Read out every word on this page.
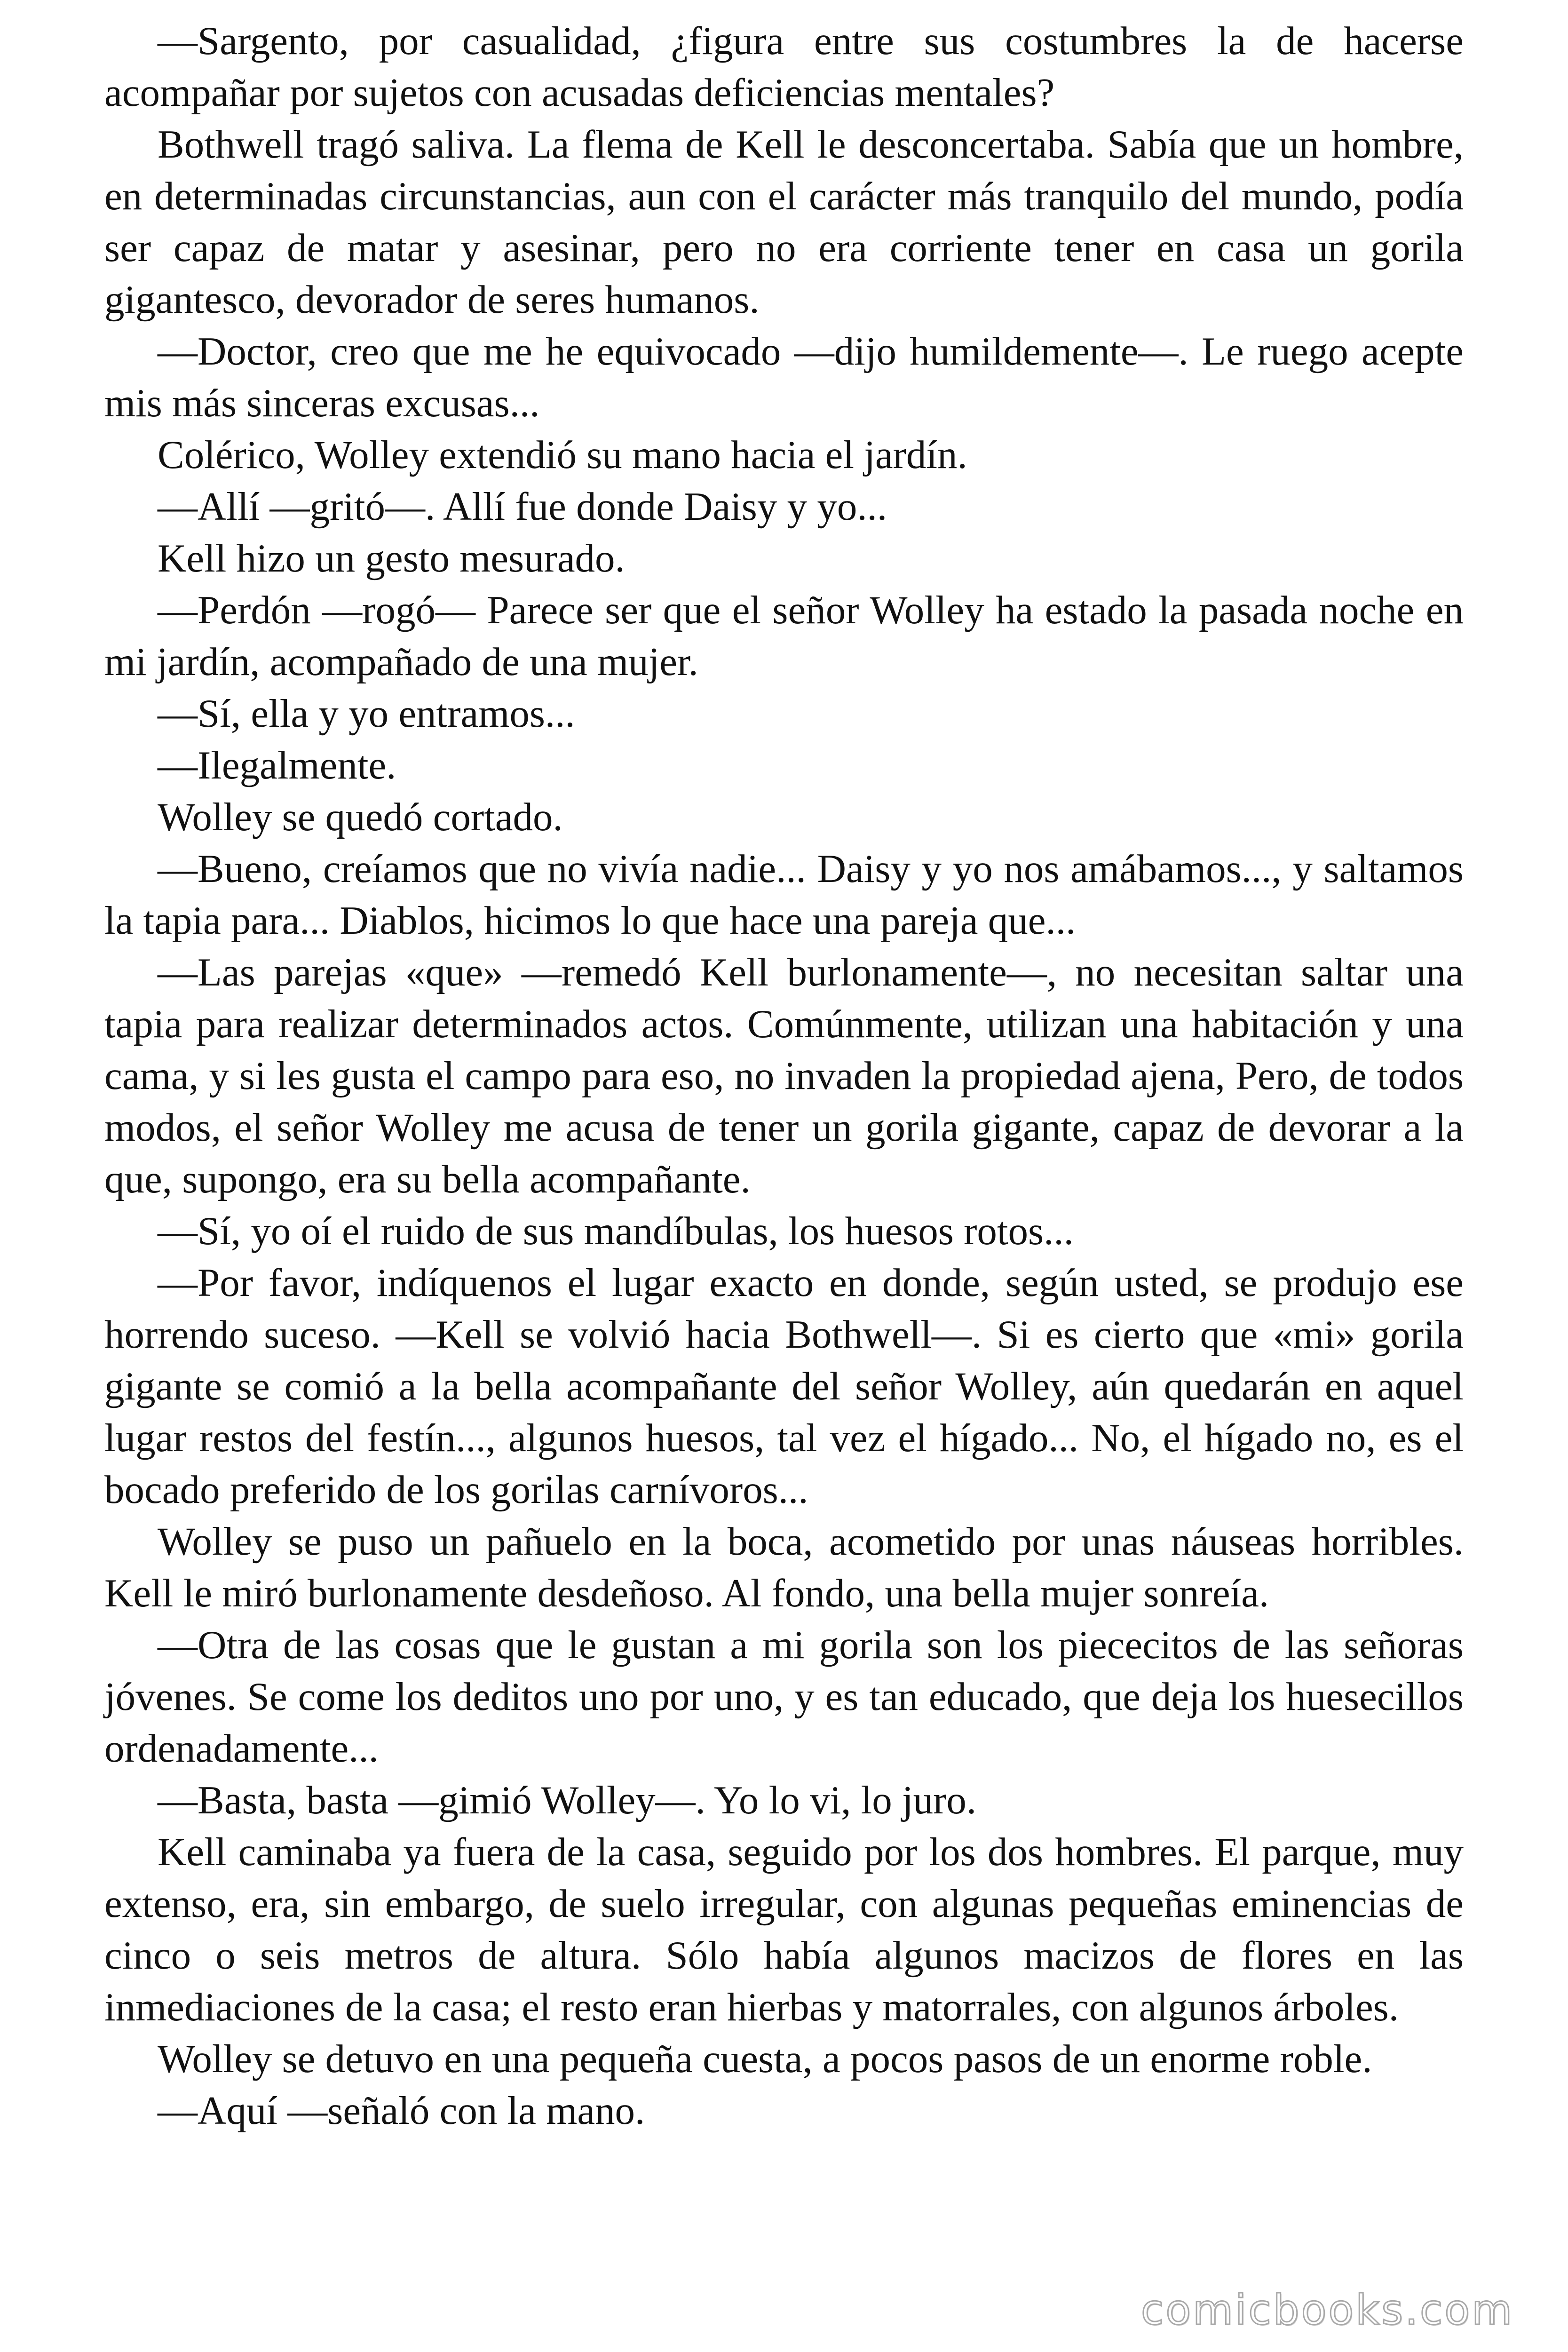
—Sargento, por casualidad, ¿figura entre sus costumbres la de hacerse acompañar por sujetos con acusadas deficiencias mentales?

Bothwell tragó saliva. La flema de Kell le desconcertaba. Sabía que un hombre, en determinadas circunstancias, aun con el carácter más tranquilo del mundo, podía ser capaz de matar y asesinar, pero no era corriente tener en casa un gorila gigantesco, devorador de seres humanos.

—Doctor, creo que me he equivocado —dijo humildemente—. Le ruego acepte mis más sinceras excusas...

Colérico, Wolley extendió su mano hacia el jardín.

—Allí —gritó—. Allí fue donde Daisy y yo...

Kell hizo un gesto mesurado.

—Perdón —rogó— Parece ser que el señor Wolley ha estado la pasada noche en mi jardín, acompañado de una mujer.

—Sí, ella y yo entramos...

—Ilegalmente.

Wolley se quedó cortado.

—Bueno, creíamos que no vivía nadie... Daisy y yo nos amábamos..., y saltamos la tapia para... Diablos, hicimos lo que hace una pareja que...

—Las parejas «que» —remedó Kell burlonamente—, no necesitan saltar una tapia para realizar determinados actos. Comúnmente, utilizan una habitación y una cama, y si les gusta el campo para eso, no invaden la propiedad ajena, Pero, de todos modos, el señor Wolley me acusa de tener un gorila gigante, capaz de devorar a la que, supongo, era su bella acompañante.

—Sí, yo oí el ruido de sus mandíbulas, los huesos rotos...

—Por favor, indíquenos el lugar exacto en donde, según usted, se produjo ese horrendo suceso. —Kell se volvió hacia Bothwell—. Si es cierto que «mi» gorila gigante se comió a la bella acompañante del señor Wolley, aún quedarán en aquel lugar restos del festín..., algunos huesos, tal vez el hígado... No, el hígado no, es el bocado preferido de los gorilas carnívoros...

Wolley se puso un pañuelo en la boca, acometido por unas náuseas horribles. Kell le miró burlonamente desdeñoso. Al fondo, una bella mujer sonreía.

—Otra de las cosas que le gustan a mi gorila son los piececitos de las señoras jóvenes. Se come los deditos uno por uno, y es tan educado, que deja los huesecillos ordenadamente...

—Basta, basta —gimió Wolley—. Yo lo vi, lo juro.

Kell caminaba ya fuera de la casa, seguido por los dos hombres. El parque, muy extenso, era, sin embargo, de suelo irregular, con algunas pequeñas eminencias de cinco o seis metros de altura. Sólo había algunos macizos de flores en las inmediaciones de la casa; el resto eran hierbas y matorrales, con algunos árboles.

Wolley se detuvo en una pequeña cuesta, a pocos pasos de un enorme roble.

—Aquí —señaló con la mano.

comicbooks.com
